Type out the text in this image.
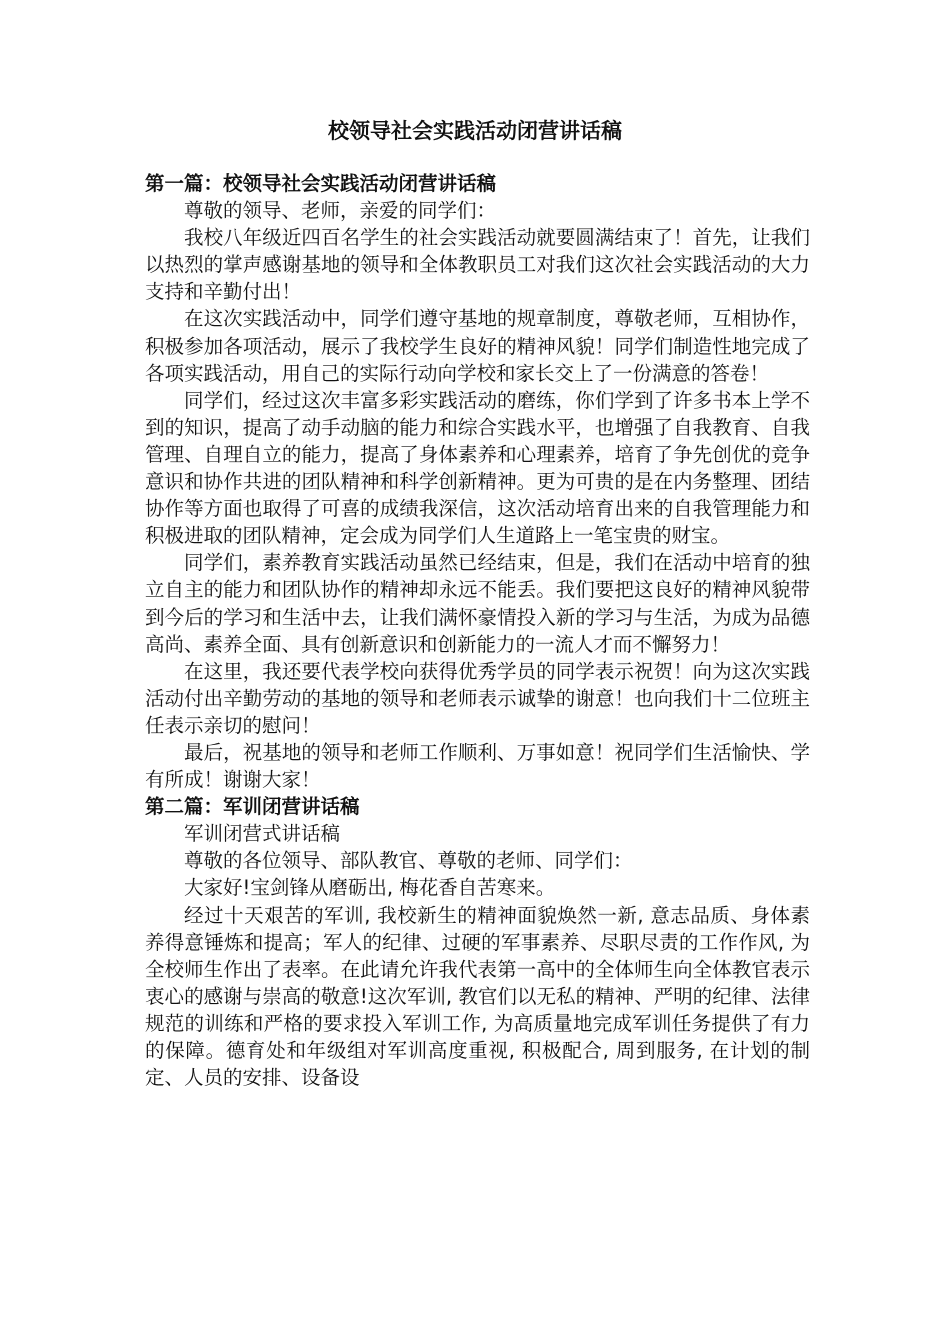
校领导社会实践活动闭营讲话稿

第一篇：校领导社会实践活动闭营讲话稿

尊敬的领导、老师，亲爱的同学们：

我校八年级近四百名学生的社会实践活动就要圆满结束了！首先，让我们以热烈的掌声感谢基地的领导和全体教职员工对我们这次社会实践活动的大力支持和辛勤付出！

在这次实践活动中，同学们遵守基地的规章制度，尊敬老师，互相协作，积极参加各项活动，展示了我校学生良好的精神风貌！同学们制造性地完成了各项实践活动，用自己的实际行动向学校和家长交上了一份满意的答卷！

同学们，经过这次丰富多彩实践活动的磨练，你们学到了许多书本上学不到的知识，提高了动手动脑的能力和综合实践水平，也增强了自我教育、自我管理、自理自立的能力，提高了身体素养和心理素养，培育了争先创优的竞争意识和协作共进的团队精神和科学创新精神。更为可贵的是在内务整理、团结协作等方面也取得了可喜的成绩我深信，这次活动培育出来的自我管理能力和积极进取的团队精神，定会成为同学们人生道路上一笔宝贵的财宝。

同学们，素养教育实践活动虽然已经结束，但是，我们在活动中培育的独立自主的能力和团队协作的精神却永远不能丢。我们要把这良好的精神风貌带到今后的学习和生活中去，让我们满怀豪情投入新的学习与生活，为成为品德高尚、素养全面、具有创新意识和创新能力的一流人才而不懈努力！

在这里，我还要代表学校向获得优秀学员的同学表示祝贺！向为这次实践活动付出辛勤劳动的基地的领导和老师表示诚挚的谢意！也向我们十二位班主任表示亲切的慰问！

最后，祝基地的领导和老师工作顺利、万事如意！祝同学们生活愉快、学有所成！谢谢大家！

第二篇：军训闭营讲话稿

军训闭营式讲话稿

尊敬的各位领导、部队教官、尊敬的老师、同学们：

大家好!宝剑锋从磨砺出, 梅花香自苦寒来。

经过十天艰苦的军训, 我校新生的精神面貌焕然一新, 意志品质、身体素养得意锤炼和提高；军人的纪律、过硬的军事素养、尽职尽责的工作作风, 为全校师生作出了表率。在此请允许我代表第一高中的全体师生向全体教官表示衷心的感谢与崇高的敬意!这次军训, 教官们以无私的精神、严明的纪律、法律规范的训练和严格的要求投入军训工作, 为高质量地完成军训任务提供了有力的保障。德育处和年级组对军训高度重视, 积极配合, 周到服务, 在计划的制定、人员的安排、设备设
